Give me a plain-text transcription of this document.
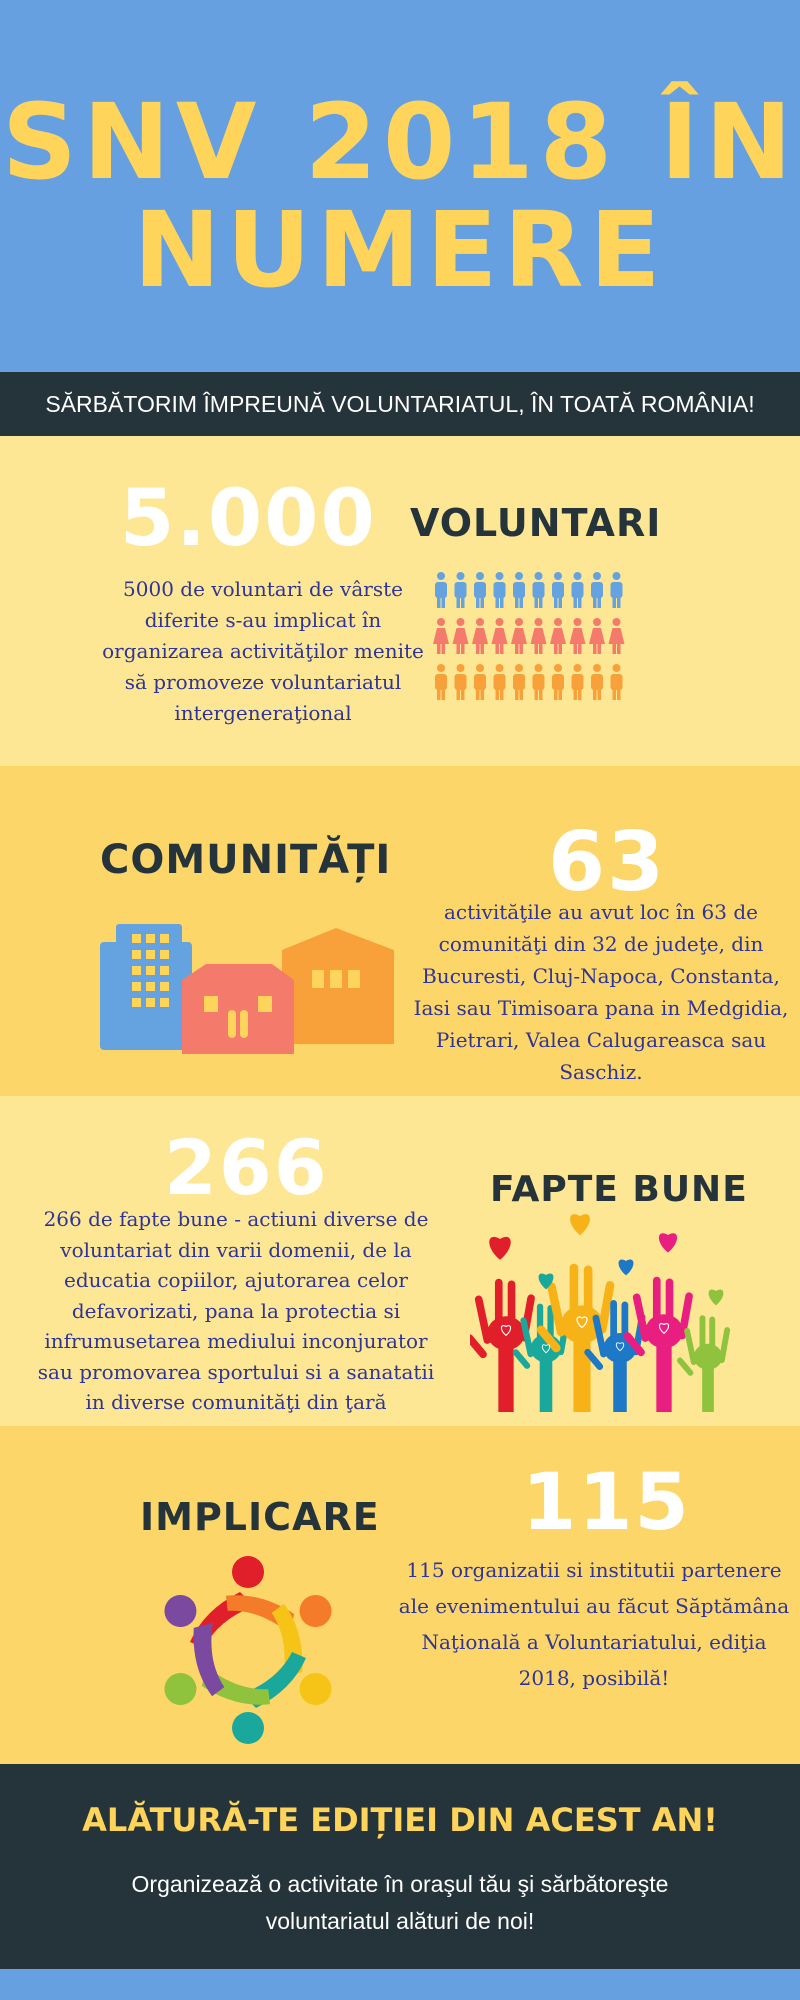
SNV 2018 ÎN
NUMERE
SĂRBĂTORIM ÎMPREUNĂ VOLUNTARIATUL, ÎN TOATĂ ROMÂNIA!
5.000 VOLUNTARI
5000 de voluntari de vârste diferite s-au implicat în organizarea activităţilor menite să promoveze voluntariatul intergeneraţional
COMUNITĂȚI 63
activităţile au avut loc în 63 de comunităţi din 32 de judeţe, din Bucuresti, Cluj-Napoca, Constanta, Iasi sau Timisoara pana in Medgidia, Pietrari, Valea Calugareasca sau Saschiz.
266	FAPTE BUNE
266 de fapte bune - actiuni diverse de voluntariat din varii domenii, de la educatia copiilor, ajutorarea celor defavorizati, pana la protectia si infrumusetarea mediului inconjurator sau promovarea sportului si a sanatatii in diverse comunităţi din ţară
IMPLICARE 115
115 organizatii si institutii partenere ale evenimentului au făcut Săptămâna Naţională a Voluntariatului, ediţia 2018, posibilă!
ALĂTURĂ-TE EDIȚIEI DIN ACEST AN!
Organizează o activitate în oraşul tău şi sărbătoreşte voluntariatul alături de noi!
